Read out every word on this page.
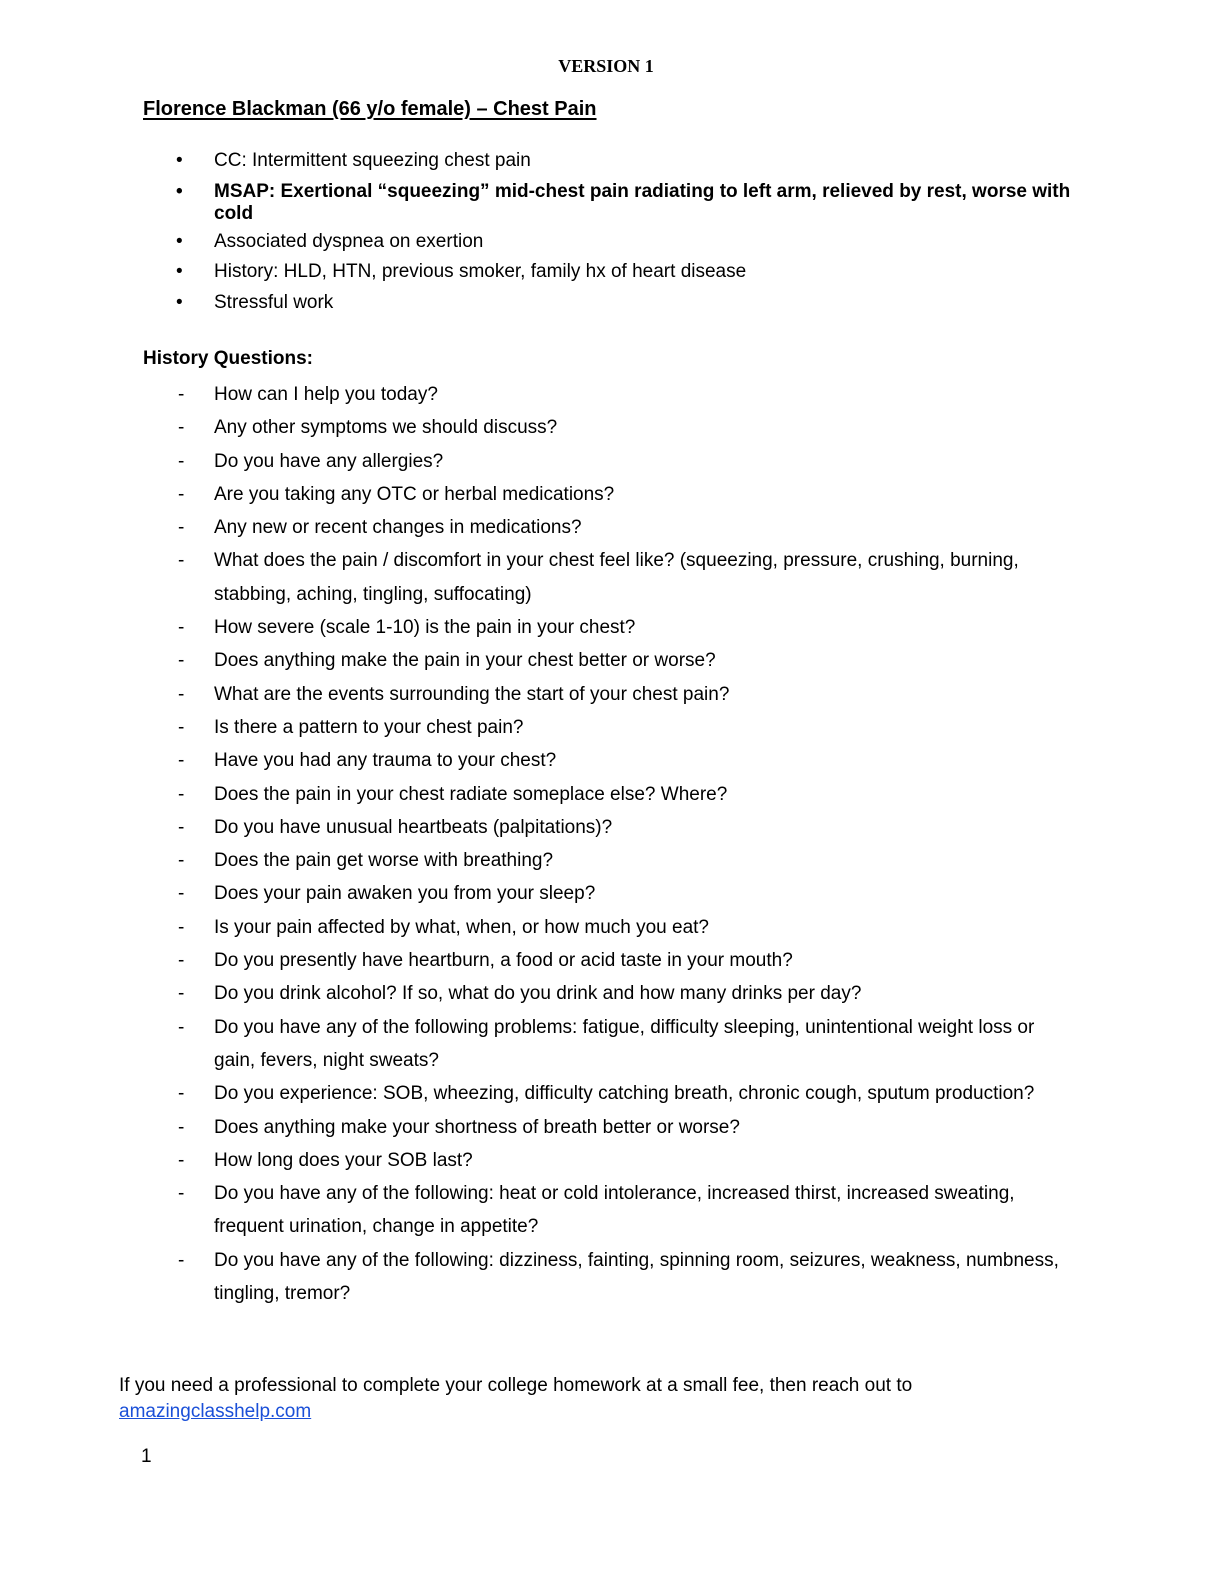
VERSION 1
Florence Blackman (66 y/o female) – Chest Pain
• CC: Intermittent squeezing chest pain
• MSAP: Exertional “squeezing” mid-chest pain radiating to left arm, relieved by rest, worse with cold
• Associated dyspnea on exertion
• History: HLD, HTN, previous smoker, family hx of heart disease
• Stressful work
History Questions:
- How can I help you today?
- Any other symptoms we should discuss?
- Do you have any allergies?
- Are you taking any OTC or herbal medications?
- Any new or recent changes in medications?
- What does the pain / discomfort in your chest feel like? (squeezing, pressure, crushing, burning, stabbing, aching, tingling, suffocating)
- How severe (scale 1-10) is the pain in your chest?
- Does anything make the pain in your chest better or worse?
- What are the events surrounding the start of your chest pain?
- Is there a pattern to your chest pain?
- Have you had any trauma to your chest?
- Does the pain in your chest radiate someplace else? Where?
- Do you have unusual heartbeats (palpitations)?
- Does the pain get worse with breathing?
- Does your pain awaken you from your sleep?
- Is your pain affected by what, when, or how much you eat?
- Do you presently have heartburn, a food or acid taste in your mouth?
- Do you drink alcohol? If so, what do you drink and how many drinks per day?
- Do you have any of the following problems: fatigue, difficulty sleeping, unintentional weight loss or gain, fevers, night sweats?
- Do you experience: SOB, wheezing, difficulty catching breath, chronic cough, sputum production?
- Does anything make your shortness of breath better or worse?
- How long does your SOB last?
- Do you have any of the following: heat or cold intolerance, increased thirst, increased sweating, frequent urination, change in appetite?
- Do you have any of the following: dizziness, fainting, spinning room, seizures, weakness, numbness, tingling, tremor?
If you need a professional to complete your college homework at a small fee, then reach out to
amazingclasshelp.com
1
